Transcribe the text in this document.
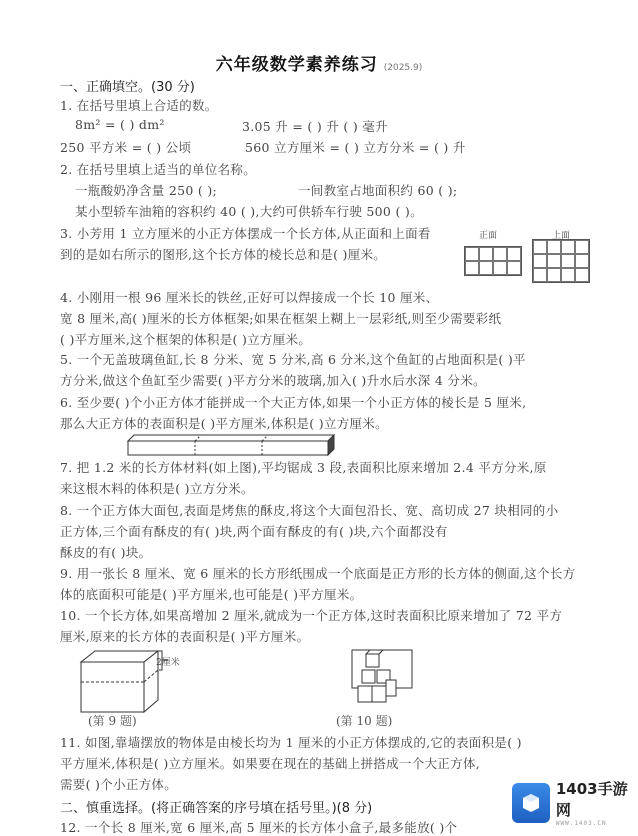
六年级数学素养练习 (2025.9)
一、正确填空。(30 分)
1. 在括号里填上合适的数。
8m² = ( ) dm²	3.05 升 = ( ) 升 ( ) 毫升
250 平方米 = ( ) 公顷	560 立方厘米 = ( ) 立方分米 = ( ) 升
2. 在括号里填上适当的单位名称。
一瓶酸奶净含量 250 ( );	一间教室占地面积约 60 ( );
某小型轿车油箱的容积约 40 ( ),大约可供轿车行驶 500 ( )。
3. 小芳用 1 立方厘米的小正方体摆成一个长方体,从正面和上面看
到的是如右所示的图形,这个长方体的棱长总和是( )厘米。
正面	上面
4. 小刚用一根 96 厘米长的铁丝,正好可以焊接成一个长 10 厘米、
宽 8 厘米,高( )厘米的长方体框架;如果在框架上糊上一层彩纸,则至少需要彩纸
( )平方厘米,这个框架的体积是( )立方厘米。
5. 一个无盖玻璃鱼缸,长 8 分米、宽 5 分米,高 6 分米,这个鱼缸的占地面积是( )平
方分米,做这个鱼缸至少需要( )平方分米的玻璃,加入( )升水后水深 4 分米。
6. 至少要( )个小正方体才能拼成一个大正方体,如果一个小正方体的棱长是 5 厘米,
那么大正方体的表面积是( )平方厘米,体积是( )立方厘米。
7. 把 1.2 米的长方体材料(如上图),平均锯成 3 段,表面积比原来增加 2.4 平方分米,原
来这根木料的体积是( )立方分米。
8. 一个正方体大面包,表面是烤焦的酥皮,将这个大面包沿长、宽、高切成 27 块相同的小
正方体,三个面有酥皮的有( )块,两个面有酥皮的有( )块,六个面都没有
酥皮的有( )块。
9. 用一张长 8 厘米、宽 6 厘米的长方形纸围成一个底面是正方形的长方体的侧面,这个长方
体的底面积可能是( )平方厘米,也可能是( )平方厘米。
10. 一个长方体,如果高增加 2 厘米,就成为一个正方体,这时表面积比原来增加了 72 平方
厘米,原来的长方体的表面积是( )平方厘米。
2厘米
(第 9 题)	(第 10 题)
11. 如图,靠墙摆放的物体是由棱长均为 1 厘米的小正方体摆成的,它的表面积是( )
平方厘米,体积是( )立方厘米。如果要在现在的基础上拼搭成一个大正方体,
需要( )个小正方体。
二、慎重选择。(将正确答案的序号填在括号里。)(8 分)
12. 一个长 8 厘米,宽 6 厘米,高 5 厘米的长方体小盒子,最多能放( )个
1403手游网
WWW.1403.CN
